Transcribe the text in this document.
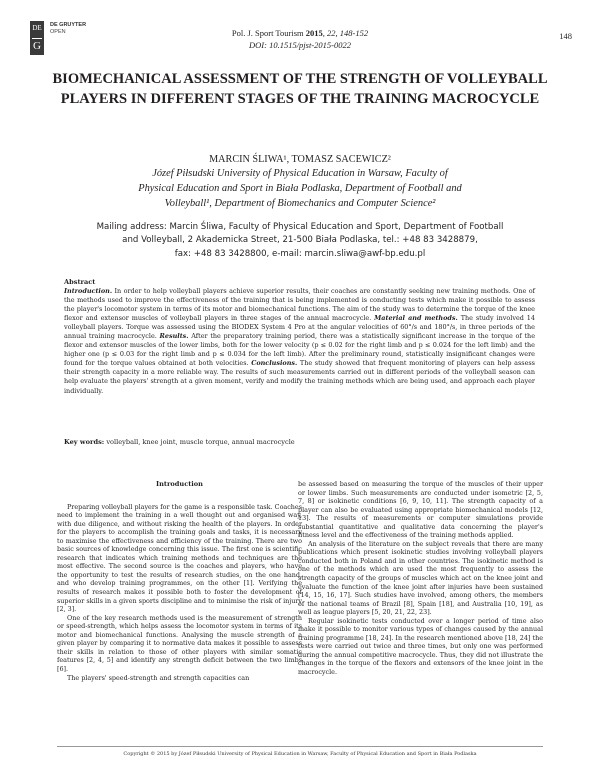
DE
G
DE GRUYTER
OPEN	Pol. J. Sport Tourism 2015, 22, 148-152
DOI: 10.1515/pjst-2015-0022
148
BIOMECHANICAL ASSESSMENT OF THE STRENGTH OF VOLLEYBALL PLAYERS IN DIFFERENT STAGES OF THE TRAINING MACROCYCLE
MARCIN ŚLIWA¹, TOMASZ SACEWICZ²
Józef Piłsudski University of Physical Education in Warsaw, Faculty of
Physical Education and Sport in Biała Podlaska, Department of Football and
Volleyball¹, Department of Biomechanics and Computer Science²
Mailing address: Marcin Śliwa, Faculty of Physical Education and Sport, Department of Football
and Volleyball, 2 Akademicka Street, 21-500 Biała Podlaska, tel.: +48 83 3428879,
fax: +48 83 3428800, e-mail: marcin.sliwa@awf-bp.edu.pl
Abstract

Introduction. In order to help volleyball players achieve superior results, their coaches are constantly seeking new training methods. One of the methods used to improve the effectiveness of the training that is being implemented is conducting tests which make it possible to assess the player's locomotor system in terms of its motor and biomechanical functions. The aim of the study was to determine the torque of the knee flexor and extensor muscles of volleyball players in three stages of the annual macrocycle. Material and methods. The study involved 14 volleyball players. Torque was assessed using the BIODEX System 4 Pro at the angular velocities of 60°/s and 180°/s, in three periods of the annual training macrocycle. Results. After the preparatory training period, there was a statistically significant increase in the torque of the flexor and extensor muscles of the lower limbs, both for the lower velocity (p ≤ 0.02 for the right limb and p ≤ 0.024 for the left limb) and the higher one (p ≤ 0.03 for the right limb and p ≤ 0.034 for the left limb). After the preliminary round, statistically insignificant changes were found for the torque values obtained at both velocities. Conclusions. The study showed that frequent monitoring of players can help assess their strength capacity in a more reliable way. The results of such measurements carried out in different periods of the volleyball season can help evaluate the players' strength at a given moment, verify and modify the training methods which are being used, and approach each player individually.

Key words: volleyball, knee joint, muscle torque, annual macrocycle

Introduction

Preparing volleyball players for the game is a responsible task. Coaches need to implement the training in a well thought out and organised way, with due diligence, and without risking the health of the players. In order for the players to accomplish the training goals and tasks, it is necessary to maximise the effectiveness and efficiency of the training. There are two basic sources of knowledge concerning this issue. The first one is scientific research that indicates which training methods and techniques are the most effective. The second source is the coaches and players, who have the opportunity to test the results of research studies, on the one hand, and who develop training programmes, on the other [1]. Verifying the results of research makes it possible both to foster the development of superior skills in a given sports discipline and to minimise the risk of injury [2, 3].

One of the key research methods used is the measurement of strength or speed-strength, which helps assess the locomotor system in terms of its motor and biomechanical functions. Analysing the muscle strength of a given player by comparing it to normative data makes it possible to assess their skills in relation to those of other players with similar somatic features [2, 4, 5] and identify any strength deficit between the two limbs [6].

The players' speed-strength and strength capacities can

be assessed based on measuring the torque of the muscles of their upper or lower limbs. Such measurements are conducted under isometric [2, 5, 7, 8] or isokinetic conditions [6, 9, 10, 11]. The strength capacity of a player can also be evaluated using appropriate biomechanical models [12, 13]. The results of measurements or computer simulations provide substantial quantitative and qualitative data concerning the player's fitness level and the effectiveness of the training methods applied.

An analysis of the literature on the subject reveals that there are many publications which present isokinetic studies involving volleyball players conducted both in Poland and in other countries. The isokinetic method is one of the methods which are used the most frequently to assess the strength capacity of the groups of muscles which act on the knee joint and evaluate the function of the knee joint after injuries have been sustained [14, 15, 16, 17]. Such studies have involved, among others, the members of the national teams of Brazil [8], Spain [18], and Australia [10, 19], as well as league players [5, 20, 21, 22, 23].

Regular isokinetic tests conducted over a longer period of time also make it possible to monitor various types of changes caused by the annual training programme [18, 24]. In the research mentioned above [18, 24] the tests were carried out twice and three times, but only one was performed during the annual competitive macrocycle. Thus, they did not illustrate the changes in the torque of the flexors and extensors of the knee joint in the macrocycle.

Copyright © 2015 by Józef Piłsudski University of Physical Education in Warsaw, Faculty of Physical Education and Sport in Biała Podlaska
